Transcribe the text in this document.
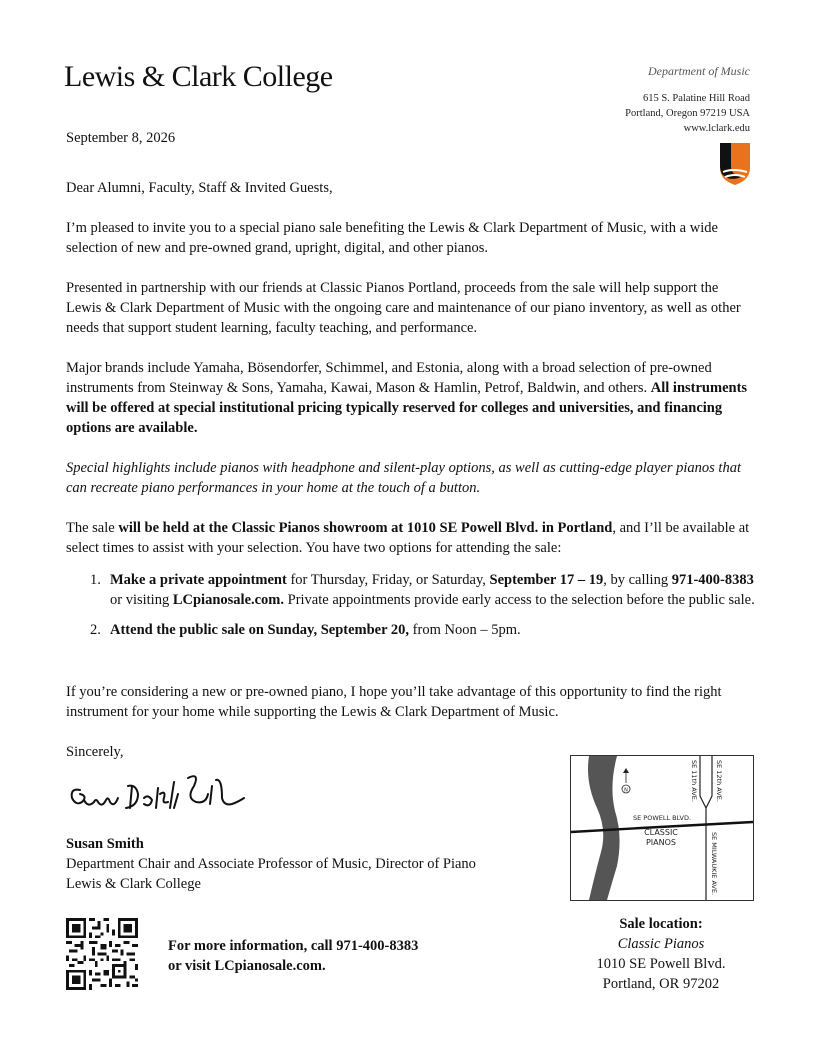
Lewis & Clark College	Department of Music
615 S. Palatine Hill Road
Portland, Oregon 97219 USA
www.lclark.edu
September 8, 2026

Dear Alumni, Faculty, Staff & Invited Guests,

I’m pleased to invite you to a special piano sale benefiting the Lewis & Clark Department of Music, with a wide selection of new and pre-owned grand, upright, digital, and other pianos.

Presented in partnership with our friends at Classic Pianos Portland, proceeds from the sale will help support the Lewis & Clark Department of Music with the ongoing care and maintenance of our piano inventory, as well as other needs that support student learning, faculty teaching, and performance.

Major brands include Yamaha, Bösendorfer, Schimmel, and Estonia, along with a broad selection of pre-owned instruments from Steinway & Sons, Yamaha, Kawai, Mason & Hamlin, Petrof, Baldwin, and others. All instruments will be offered at special institutional pricing typically reserved for colleges and universities, and financing options are available.

Special highlights include pianos with headphone and silent-play options, as well as cutting-edge player pianos that can recreate piano performances in your home at the touch of a button.

The sale will be held at the Classic Pianos showroom at 1010 SE Powell Blvd. in Portland, and I’ll be available at select times to assist with your selection. You have two options for attending the sale:

1. Make a private appointment for Thursday, Friday, or Saturday, September 17 – 19, by calling 971-400-8383 or visiting LCpianosale.com. Private appointments provide early access to the selection before the public sale.
2. Attend the public sale on Sunday, September 20, from Noon – 5pm.

If you’re considering a new or pre-owned piano, I hope you’ll take advantage of this opportunity to find the right instrument for your home while supporting the Lewis & Clark Department of Music.

Sincerely,

Susan Smith
Department Chair and Associate Professor of Music, Director of Piano
Lewis & Clark College
For more information, call 971-400-8383
or visit LCpianosale.com.
N	SE 11th AVE.	SE 12th AVE.
SE POWELL BLVD.
CLASSIC
PIANOS	SE MILWAUKIE AVE.
Sale location:
Classic Pianos
1010 SE Powell Blvd.
Portland, OR 97202
